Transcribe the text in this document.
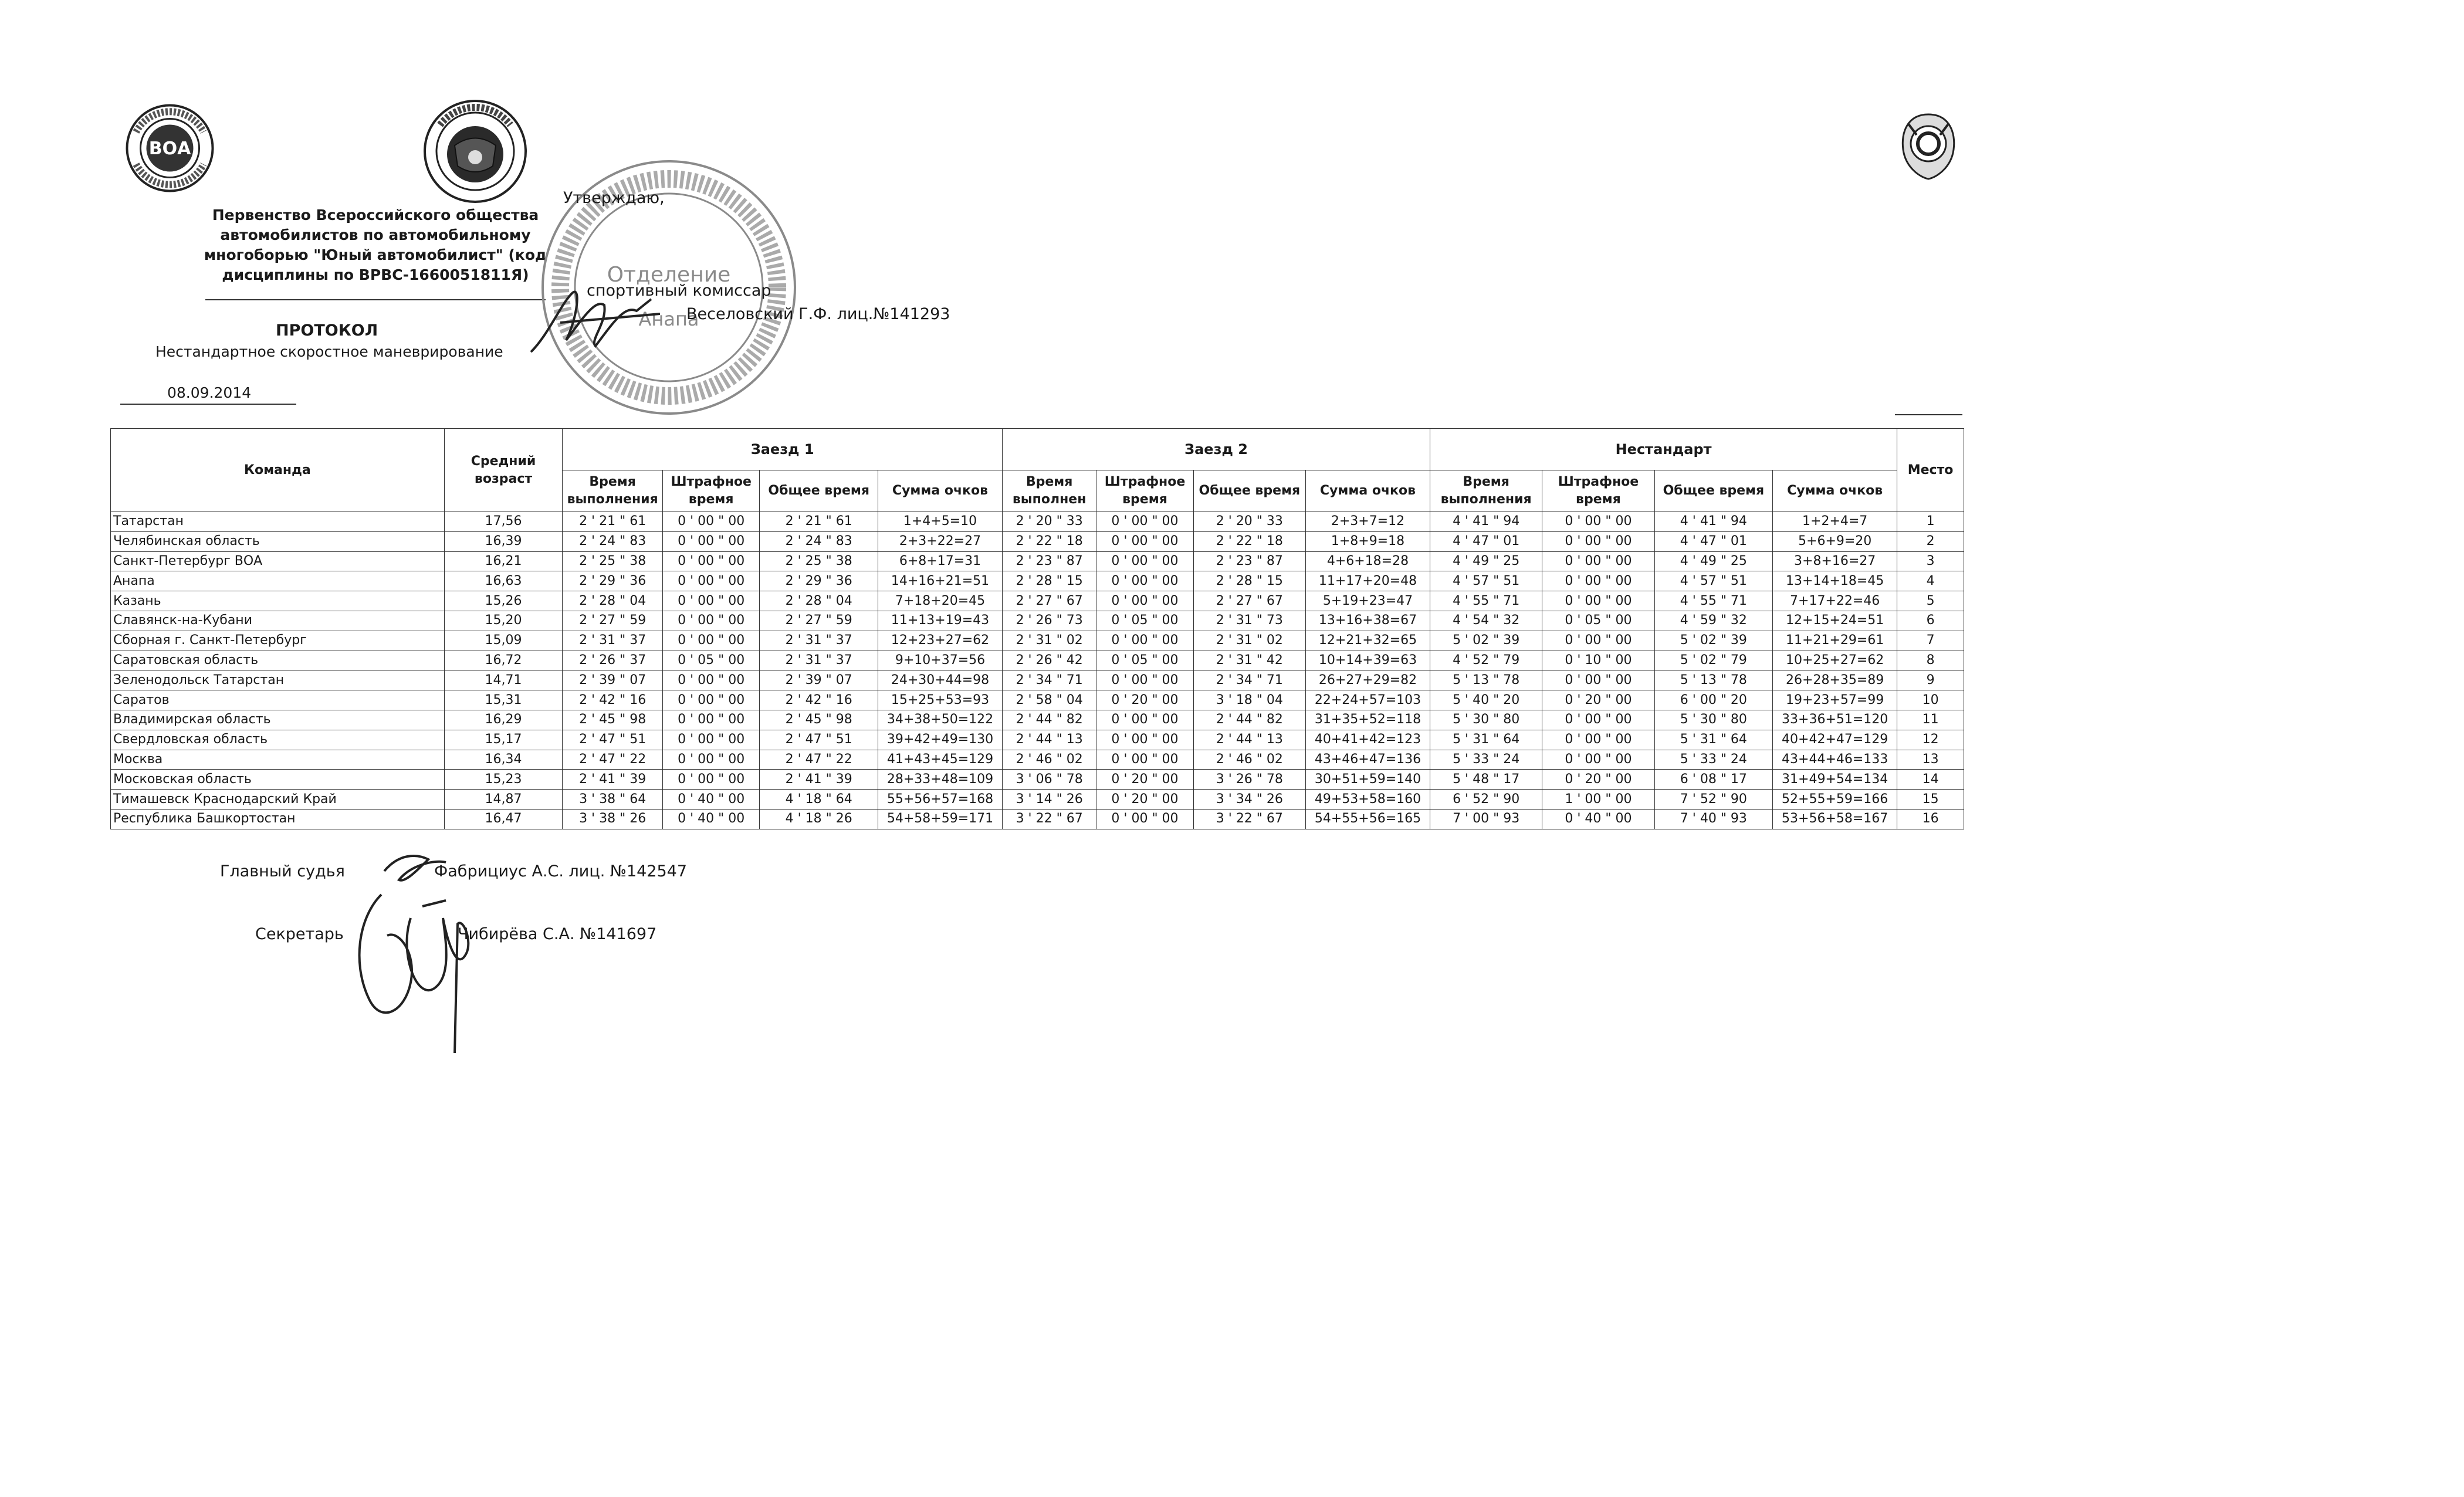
ВОА
Первенство Всероссийского общества
автомобилистов по автомобильному
многоборью "Юный автомобилист" (код
дисциплины по ВРВС-1660051811Я)
ПРОТОКОЛ
Нестандартное скоростное маневрирование
08.09.2014
Отделение
Анапа
Утверждаю,
спортивный комиссар
Веселовский Г.Ф. лиц.№141293
Команда	Средний возраст	Заезд 1				Заезд 2				Нестандарт				Место
		Время выполнения	Штрафное время	Общее время	Сумма очков	Время выполнен	Штрафное время	Общее время	Сумма очков	Время выполнения	Штрафное время	Общее время	Сумма очков	
Татарстан	17,56	2 ' 21 " 61	0 ' 00 " 00	2 ' 21 " 61	1+4+5=10	2 ' 20 " 33	0 ' 00 " 00	2 ' 20 " 33	2+3+7=12	4 ' 41 " 94	0 ' 00 " 00	4 ' 41 " 94	1+2+4=7	1
Челябинская область	16,39	2 ' 24 " 83	0 ' 00 " 00	2 ' 24 " 83	2+3+22=27	2 ' 22 " 18	0 ' 00 " 00	2 ' 22 " 18	1+8+9=18	4 ' 47 " 01	0 ' 00 " 00	4 ' 47 " 01	5+6+9=20	2
Санкт-Петербург ВОА	16,21	2 ' 25 " 38	0 ' 00 " 00	2 ' 25 " 38	6+8+17=31	2 ' 23 " 87	0 ' 00 " 00	2 ' 23 " 87	4+6+18=28	4 ' 49 " 25	0 ' 00 " 00	4 ' 49 " 25	3+8+16=27	3
Анапа	16,63	2 ' 29 " 36	0 ' 00 " 00	2 ' 29 " 36	14+16+21=51	2 ' 28 " 15	0 ' 00 " 00	2 ' 28 " 15	11+17+20=48	4 ' 57 " 51	0 ' 00 " 00	4 ' 57 " 51	13+14+18=45	4
Казань	15,26	2 ' 28 " 04	0 ' 00 " 00	2 ' 28 " 04	7+18+20=45	2 ' 27 " 67	0 ' 00 " 00	2 ' 27 " 67	5+19+23=47	4 ' 55 " 71	0 ' 00 " 00	4 ' 55 " 71	7+17+22=46	5
Славянск-на-Кубани	15,20	2 ' 27 " 59	0 ' 00 " 00	2 ' 27 " 59	11+13+19=43	2 ' 26 " 73	0 ' 05 " 00	2 ' 31 " 73	13+16+38=67	4 ' 54 " 32	0 ' 05 " 00	4 ' 59 " 32	12+15+24=51	6
Сборная г. Санкт-Петербург	15,09	2 ' 31 " 37	0 ' 00 " 00	2 ' 31 " 37	12+23+27=62	2 ' 31 " 02	0 ' 00 " 00	2 ' 31 " 02	12+21+32=65	5 ' 02 " 39	0 ' 00 " 00	5 ' 02 " 39	11+21+29=61	7
Саратовская область	16,72	2 ' 26 " 37	0 ' 05 " 00	2 ' 31 " 37	9+10+37=56	2 ' 26 " 42	0 ' 05 " 00	2 ' 31 " 42	10+14+39=63	4 ' 52 " 79	0 ' 10 " 00	5 ' 02 " 79	10+25+27=62	8
Зеленодольск Татарстан	14,71	2 ' 39 " 07	0 ' 00 " 00	2 ' 39 " 07	24+30+44=98	2 ' 34 " 71	0 ' 00 " 00	2 ' 34 " 71	26+27+29=82	5 ' 13 " 78	0 ' 00 " 00	5 ' 13 " 78	26+28+35=89	9
Саратов	15,31	2 ' 42 " 16	0 ' 00 " 00	2 ' 42 " 16	15+25+53=93	2 ' 58 " 04	0 ' 20 " 00	3 ' 18 " 04	22+24+57=103	5 ' 40 " 20	0 ' 20 " 00	6 ' 00 " 20	19+23+57=99	10
Владимирская область	16,29	2 ' 45 " 98	0 ' 00 " 00	2 ' 45 " 98	34+38+50=122	2 ' 44 " 82	0 ' 00 " 00	2 ' 44 " 82	31+35+52=118	5 ' 30 " 80	0 ' 00 " 00	5 ' 30 " 80	33+36+51=120	11
Свердловская область	15,17	2 ' 47 " 51	0 ' 00 " 00	2 ' 47 " 51	39+42+49=130	2 ' 44 " 13	0 ' 00 " 00	2 ' 44 " 13	40+41+42=123	5 ' 31 " 64	0 ' 00 " 00	5 ' 31 " 64	40+42+47=129	12
Москва	16,34	2 ' 47 " 22	0 ' 00 " 00	2 ' 47 " 22	41+43+45=129	2 ' 46 " 02	0 ' 00 " 00	2 ' 46 " 02	43+46+47=136	5 ' 33 " 24	0 ' 00 " 00	5 ' 33 " 24	43+44+46=133	13
Московская область	15,23	2 ' 41 " 39	0 ' 00 " 00	2 ' 41 " 39	28+33+48=109	3 ' 06 " 78	0 ' 20 " 00	3 ' 26 " 78	30+51+59=140	5 ' 48 " 17	0 ' 20 " 00	6 ' 08 " 17	31+49+54=134	14
Тимашевск Краснодарский Край	14,87	3 ' 38 " 64	0 ' 40 " 00	4 ' 18 " 64	55+56+57=168	3 ' 14 " 26	0 ' 20 " 00	3 ' 34 " 26	49+53+58=160	6 ' 52 " 90	1 ' 00 " 00	7 ' 52 " 90	52+55+59=166	15
Республика Башкортостан	16,47	3 ' 38 " 26	0 ' 40 " 00	4 ' 18 " 26	54+58+59=171	3 ' 22 " 67	0 ' 00 " 00	3 ' 22 " 67	54+55+56=165	7 ' 00 " 93	0 ' 40 " 00	7 ' 40 " 93	53+56+58=167	16
Главный судья	Фабрициус А.С. лиц. №142547
Секретарь	Чибирёва С.А. №141697
